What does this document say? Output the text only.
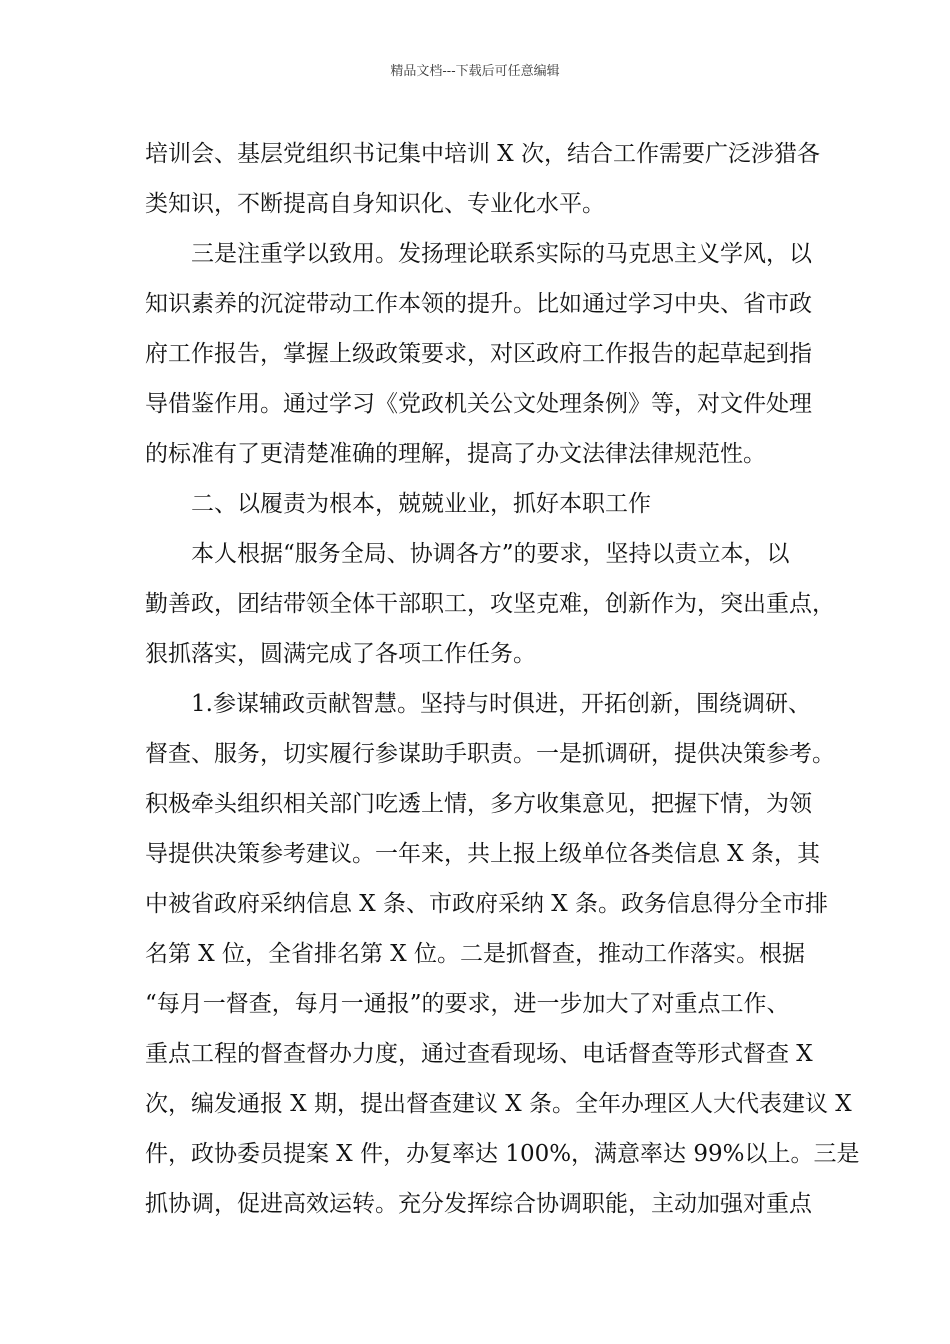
精品文档---下载后可任意编辑
培训会、基层党组织书记集中培训 X 次，结合工作需要广泛涉猎各
类知识，不断提高自身知识化、专业化水平。
三是注重学以致用。发扬理论联系实际的马克思主义学风，以
知识素养的沉淀带动工作本领的提升。比如通过学习中央、省市政
府工作报告，掌握上级政策要求，对区政府工作报告的起草起到指
导借鉴作用。通过学习《党政机关公文处理条例》等，对文件处理
的标准有了更清楚准确的理解，提高了办文法律法律规范性。
二、以履责为根本，兢兢业业，抓好本职工作
本人根据“服务全局、协调各方”的要求，坚持以责立本，以
勤善政，团结带领全体干部职工，攻坚克难，创新作为，突出重点，
狠抓落实，圆满完成了各项工作任务。
1.参谋辅政贡献智慧。坚持与时俱进，开拓创新，围绕调研、
督查、服务，切实履行参谋助手职责。一是抓调研，提供决策参考。
积极牵头组织相关部门吃透上情，多方收集意见，把握下情，为领
导提供决策参考建议。一年来，共上报上级单位各类信息 X 条，其
中被省政府采纳信息 X 条、市政府采纳 X 条。政务信息得分全市排
名第 X 位，全省排名第 X 位。二是抓督查，推动工作落实。根据
“每月一督查，每月一通报”的要求，进一步加大了对重点工作、
重点工程的督查督办力度，通过查看现场、电话督查等形式督查 X
次，编发通报 X 期，提出督查建议 X 条。全年办理区人大代表建议 X
件，政协委员提案 X 件，办复率达 100%，满意率达 99%以上。三是
抓协调，促进高效运转。充分发挥综合协调职能，主动加强对重点
